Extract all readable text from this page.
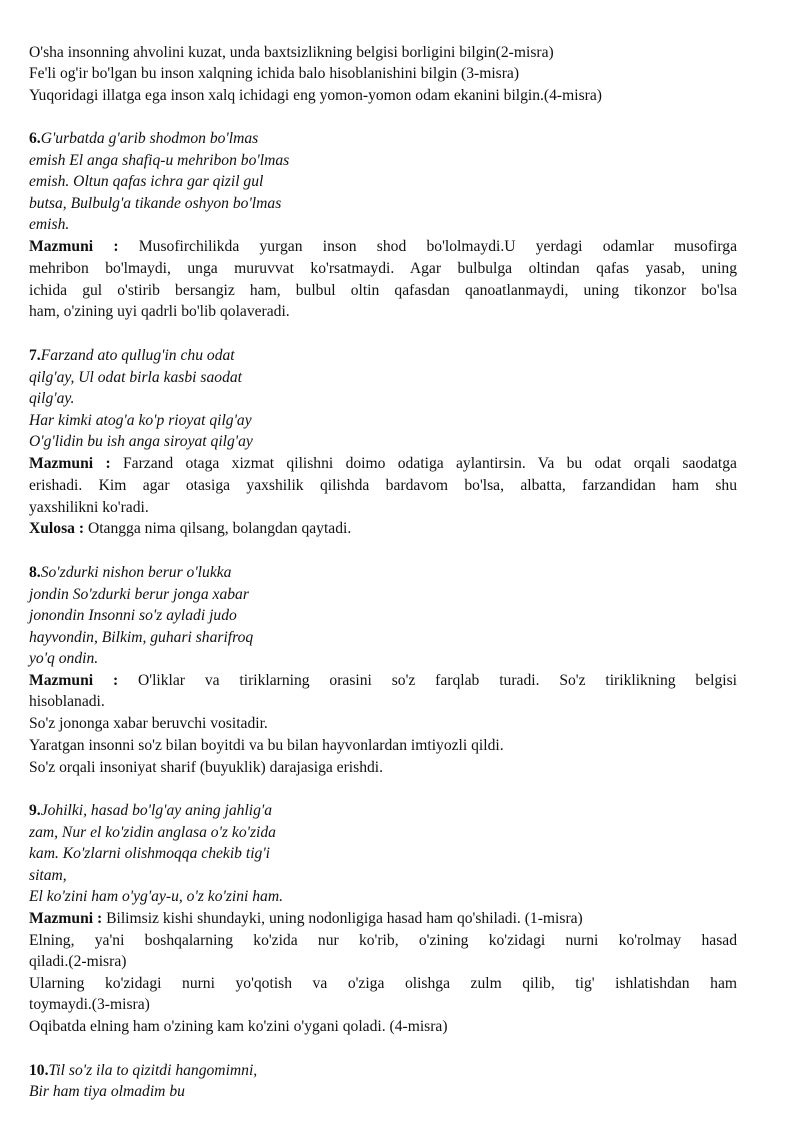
O'sha insonning ahvolini kuzat, unda baxtsizlikning belgisi borligini bilgin(2-misra)
Fe'li og'ir bo'lgan bu inson xalqning ichida balo hisoblanishini bilgin (3-misra)
Yuqoridagi illatga ega inson xalq ichidagi eng yomon-yomon odam ekanini bilgin.(4-misra)
6.G'urbatda g'arib shodmon bo'lmas
emish El anga shafiq-u mehribon bo'lmas
emish. Oltun qafas ichra gar qizil gul
butsa, Bulbulg'a tikande oshyon bo'lmas
emish.
Mazmuni : Musofirchilikda yurgan inson shod bo'lolmaydi.U yerdagi odamlar musofirga
mehribon bo'lmaydi, unga muruvvat ko'rsatmaydi. Agar bulbulga oltindan qafas yasab, uning
ichida gul o'stirib bersangiz ham, bulbul oltin qafasdan qanoatlanmaydi, uning tikonzor bo'lsa
ham, o'zining uyi qadrli bo'lib qolaveradi.
7.Farzand ato qullug'in chu odat
qilg'ay, Ul odat birla kasbi saodat
qilg'ay.
Har kimki atog'a ko'p rioyat qilg'ay
O'g'lidin bu ish anga siroyat qilg'ay
Mazmuni : Farzand otaga xizmat qilishni doimo odatiga aylantirsin. Va bu odat orqali saodatga
erishadi. Kim agar otasiga yaxshilik qilishda bardavom bo'lsa, albatta, farzandidan ham shu
yaxshilikni ko'radi.
Xulosa : Otangga nima qilsang, bolangdan qaytadi.
8.So'zdurki nishon berur o'lukka
jondin So'zdurki berur jonga xabar
jonondin Insonni so'z ayladi judo
hayvondin, Bilkim, guhari sharifroq
yo'q ondin.
Mazmuni : O'liklar va tiriklarning orasini so'z farqlab turadi. So'z tiriklikning belgisi
hisoblanadi.
So'z jononga xabar beruvchi vositadir.
Yaratgan insonni so'z bilan boyitdi va bu bilan hayvonlardan imtiyozli qildi.
So'z orqali insoniyat sharif (buyuklik) darajasiga erishdi.
9.Johilki, hasad bo'lg'ay aning jahlig'a
zam, Nur el ko'zidin anglasa o'z ko'zida
kam. Ko'zlarni olishmoqqa chekib tig'i
sitam,
El ko'zini ham o'yg'ay-u, o'z ko'zini ham.
Mazmuni : Bilimsiz kishi shundayki, uning nodonligiga hasad ham qo'shiladi. (1-misra)
Elning, ya'ni boshqalarning ko'zida nur ko'rib, o'zining ko'zidagi nurni ko'rolmay hasad
qiladi.(2-misra)
Ularning ko'zidagi nurni yo'qotish va o'ziga olishga zulm qilib, tig' ishlatishdan ham
toymaydi.(3-misra)
Oqibatda elning ham o'zining kam ko'zini o'ygani qoladi. (4-misra)
10.Til so'z ila to qizitdi hangomimni,
Bir ham tiya olmadim bu
